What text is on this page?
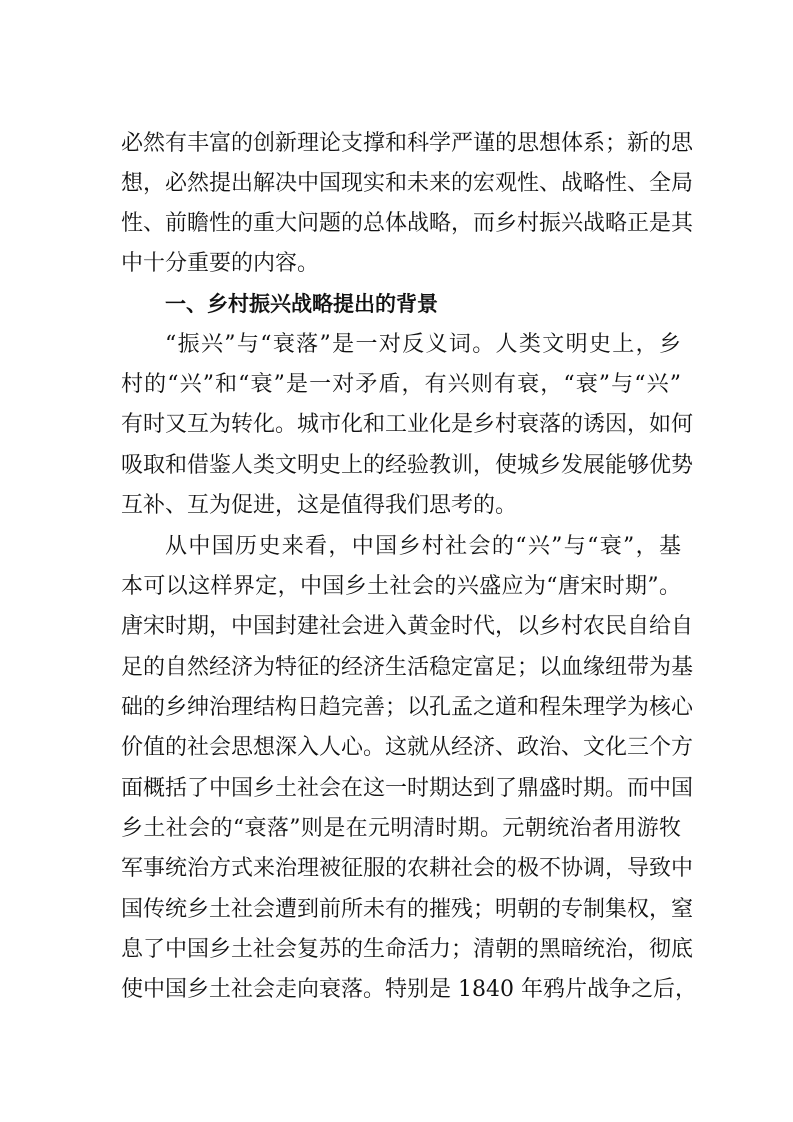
必然有丰富的创新理论支撑和科学严谨的思想体系；新的思
想，必然提出解决中国现实和未来的宏观性、战略性、全局
性、前瞻性的重大问题的总体战略，而乡村振兴战略正是其
中十分重要的内容。
一、乡村振兴战略提出的背景
“振兴”与“衰落”是一对反义词。人类文明史上，乡
村的“兴”和“衰”是一对矛盾，有兴则有衰，“衰”与“兴”
有时又互为转化。城市化和工业化是乡村衰落的诱因，如何
吸取和借鉴人类文明史上的经验教训，使城乡发展能够优势
互补、互为促进，这是值得我们思考的。
从中国历史来看，中国乡村社会的“兴”与“衰”，基
本可以这样界定，中国乡土社会的兴盛应为“唐宋时期”。
唐宋时期，中国封建社会进入黄金时代，以乡村农民自给自
足的自然经济为特征的经济生活稳定富足；以血缘纽带为基
础的乡绅治理结构日趋完善；以孔孟之道和程朱理学为核心
价值的社会思想深入人心。这就从经济、政治、文化三个方
面概括了中国乡土社会在这一时期达到了鼎盛时期。而中国
乡土社会的“衰落”则是在元明清时期。元朝统治者用游牧
军事统治方式来治理被征服的农耕社会的极不协调，导致中
国传统乡土社会遭到前所未有的摧残；明朝的专制集权，窒
息了中国乡土社会复苏的生命活力；清朝的黑暗统治，彻底
使中国乡土社会走向衰落。特别是 1840 年鸦片战争之后，
